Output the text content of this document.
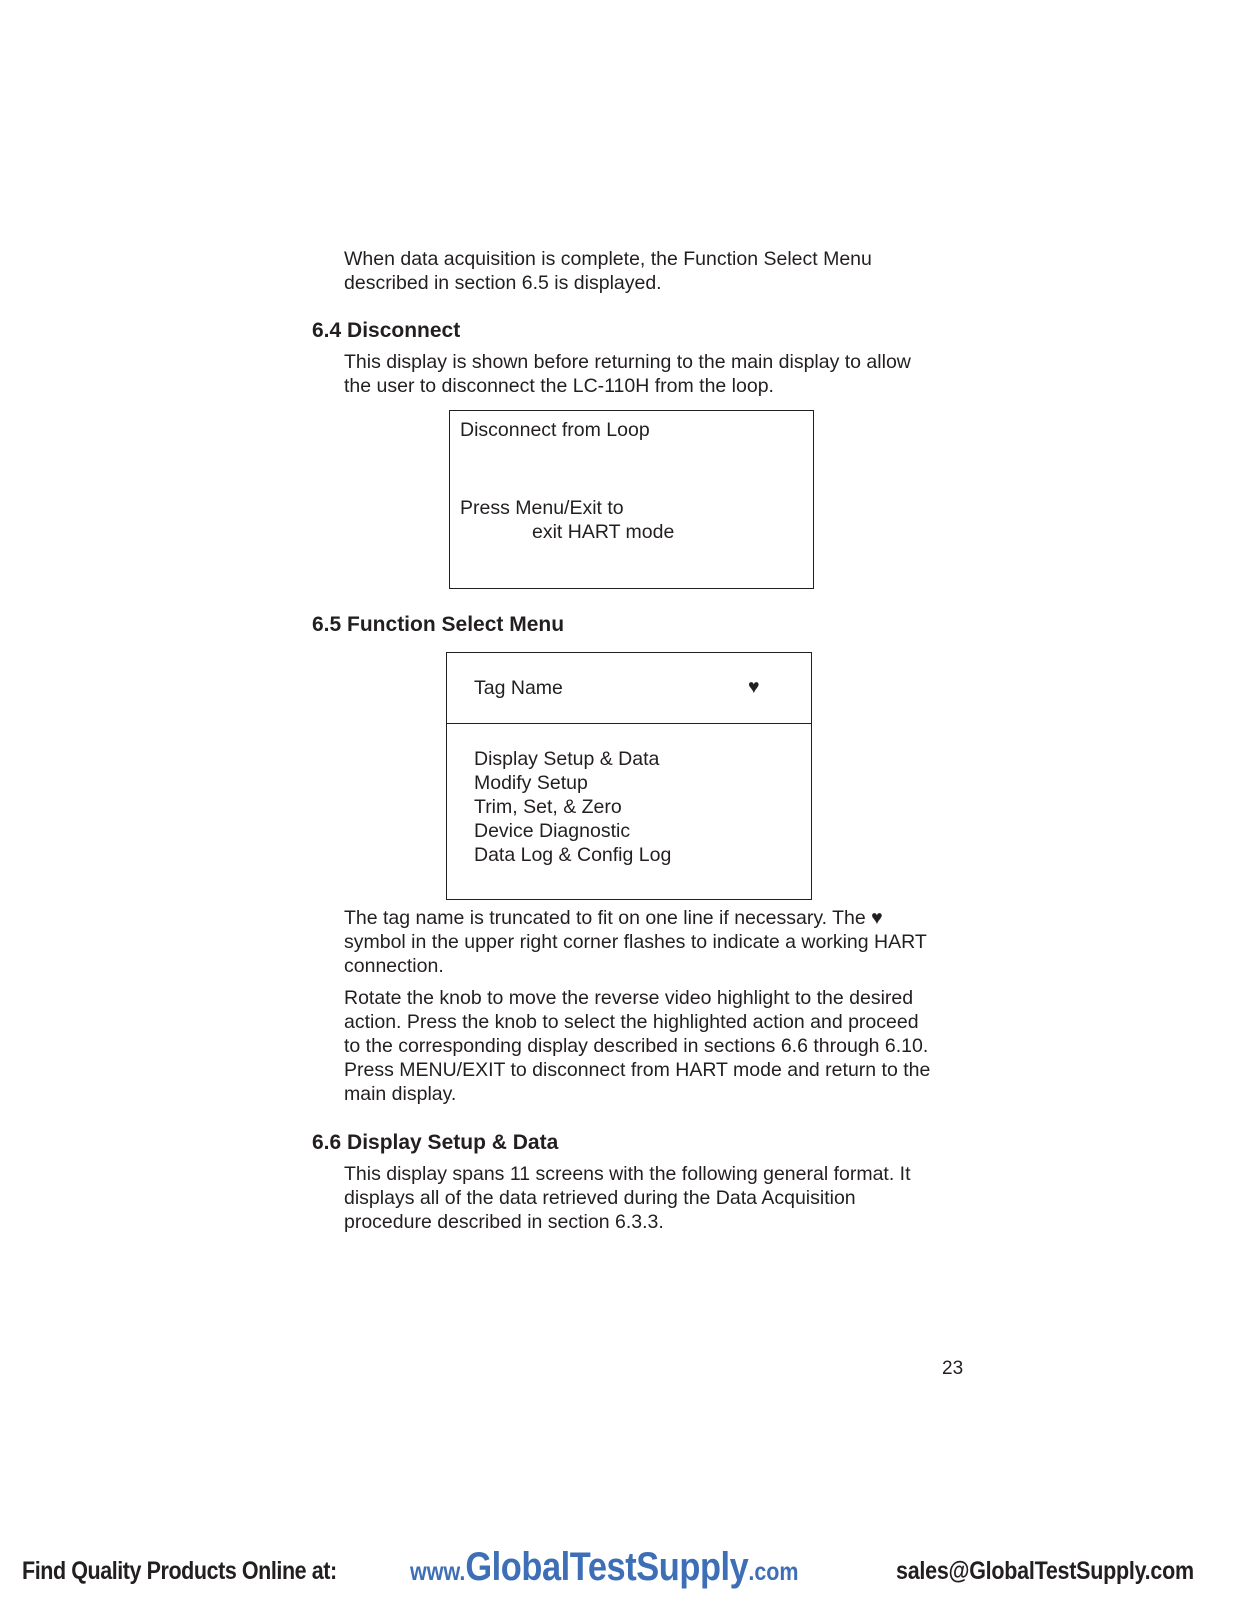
When data acquisition is complete, the Function Select Menu
described in section 6.5 is displayed.

6.4 Disconnect

This display is shown before returning to the main display to allow
the user to disconnect the LC-110H from the loop.

Disconnect from Loop
Press Menu/Exit to
exit HART mode
6.5 Function Select Menu
Tag Name	♥
Display Setup & Data
Modify Setup
Trim, Set, & Zero
Device Diagnostic
Data Log & Config Log

The tag name is truncated to fit on one line if necessary. The ♥
symbol in the upper right corner flashes to indicate a working HART
connection.

Rotate the knob to move the reverse video highlight to the desired
action. Press the knob to select the highlighted action and proceed
to the corresponding display described in sections 6.6 through 6.10.
Press MENU/EXIT to disconnect from HART mode and return to the
main display.

6.6 Display Setup & Data

This display spans 11 screens with the following general format. It
displays all of the data retrieved during the Data Acquisition
procedure described in section 6.3.3.

23
Find Quality Products Online at:	www.GlobalTestSupply.com	sales@GlobalTestSupply.com
